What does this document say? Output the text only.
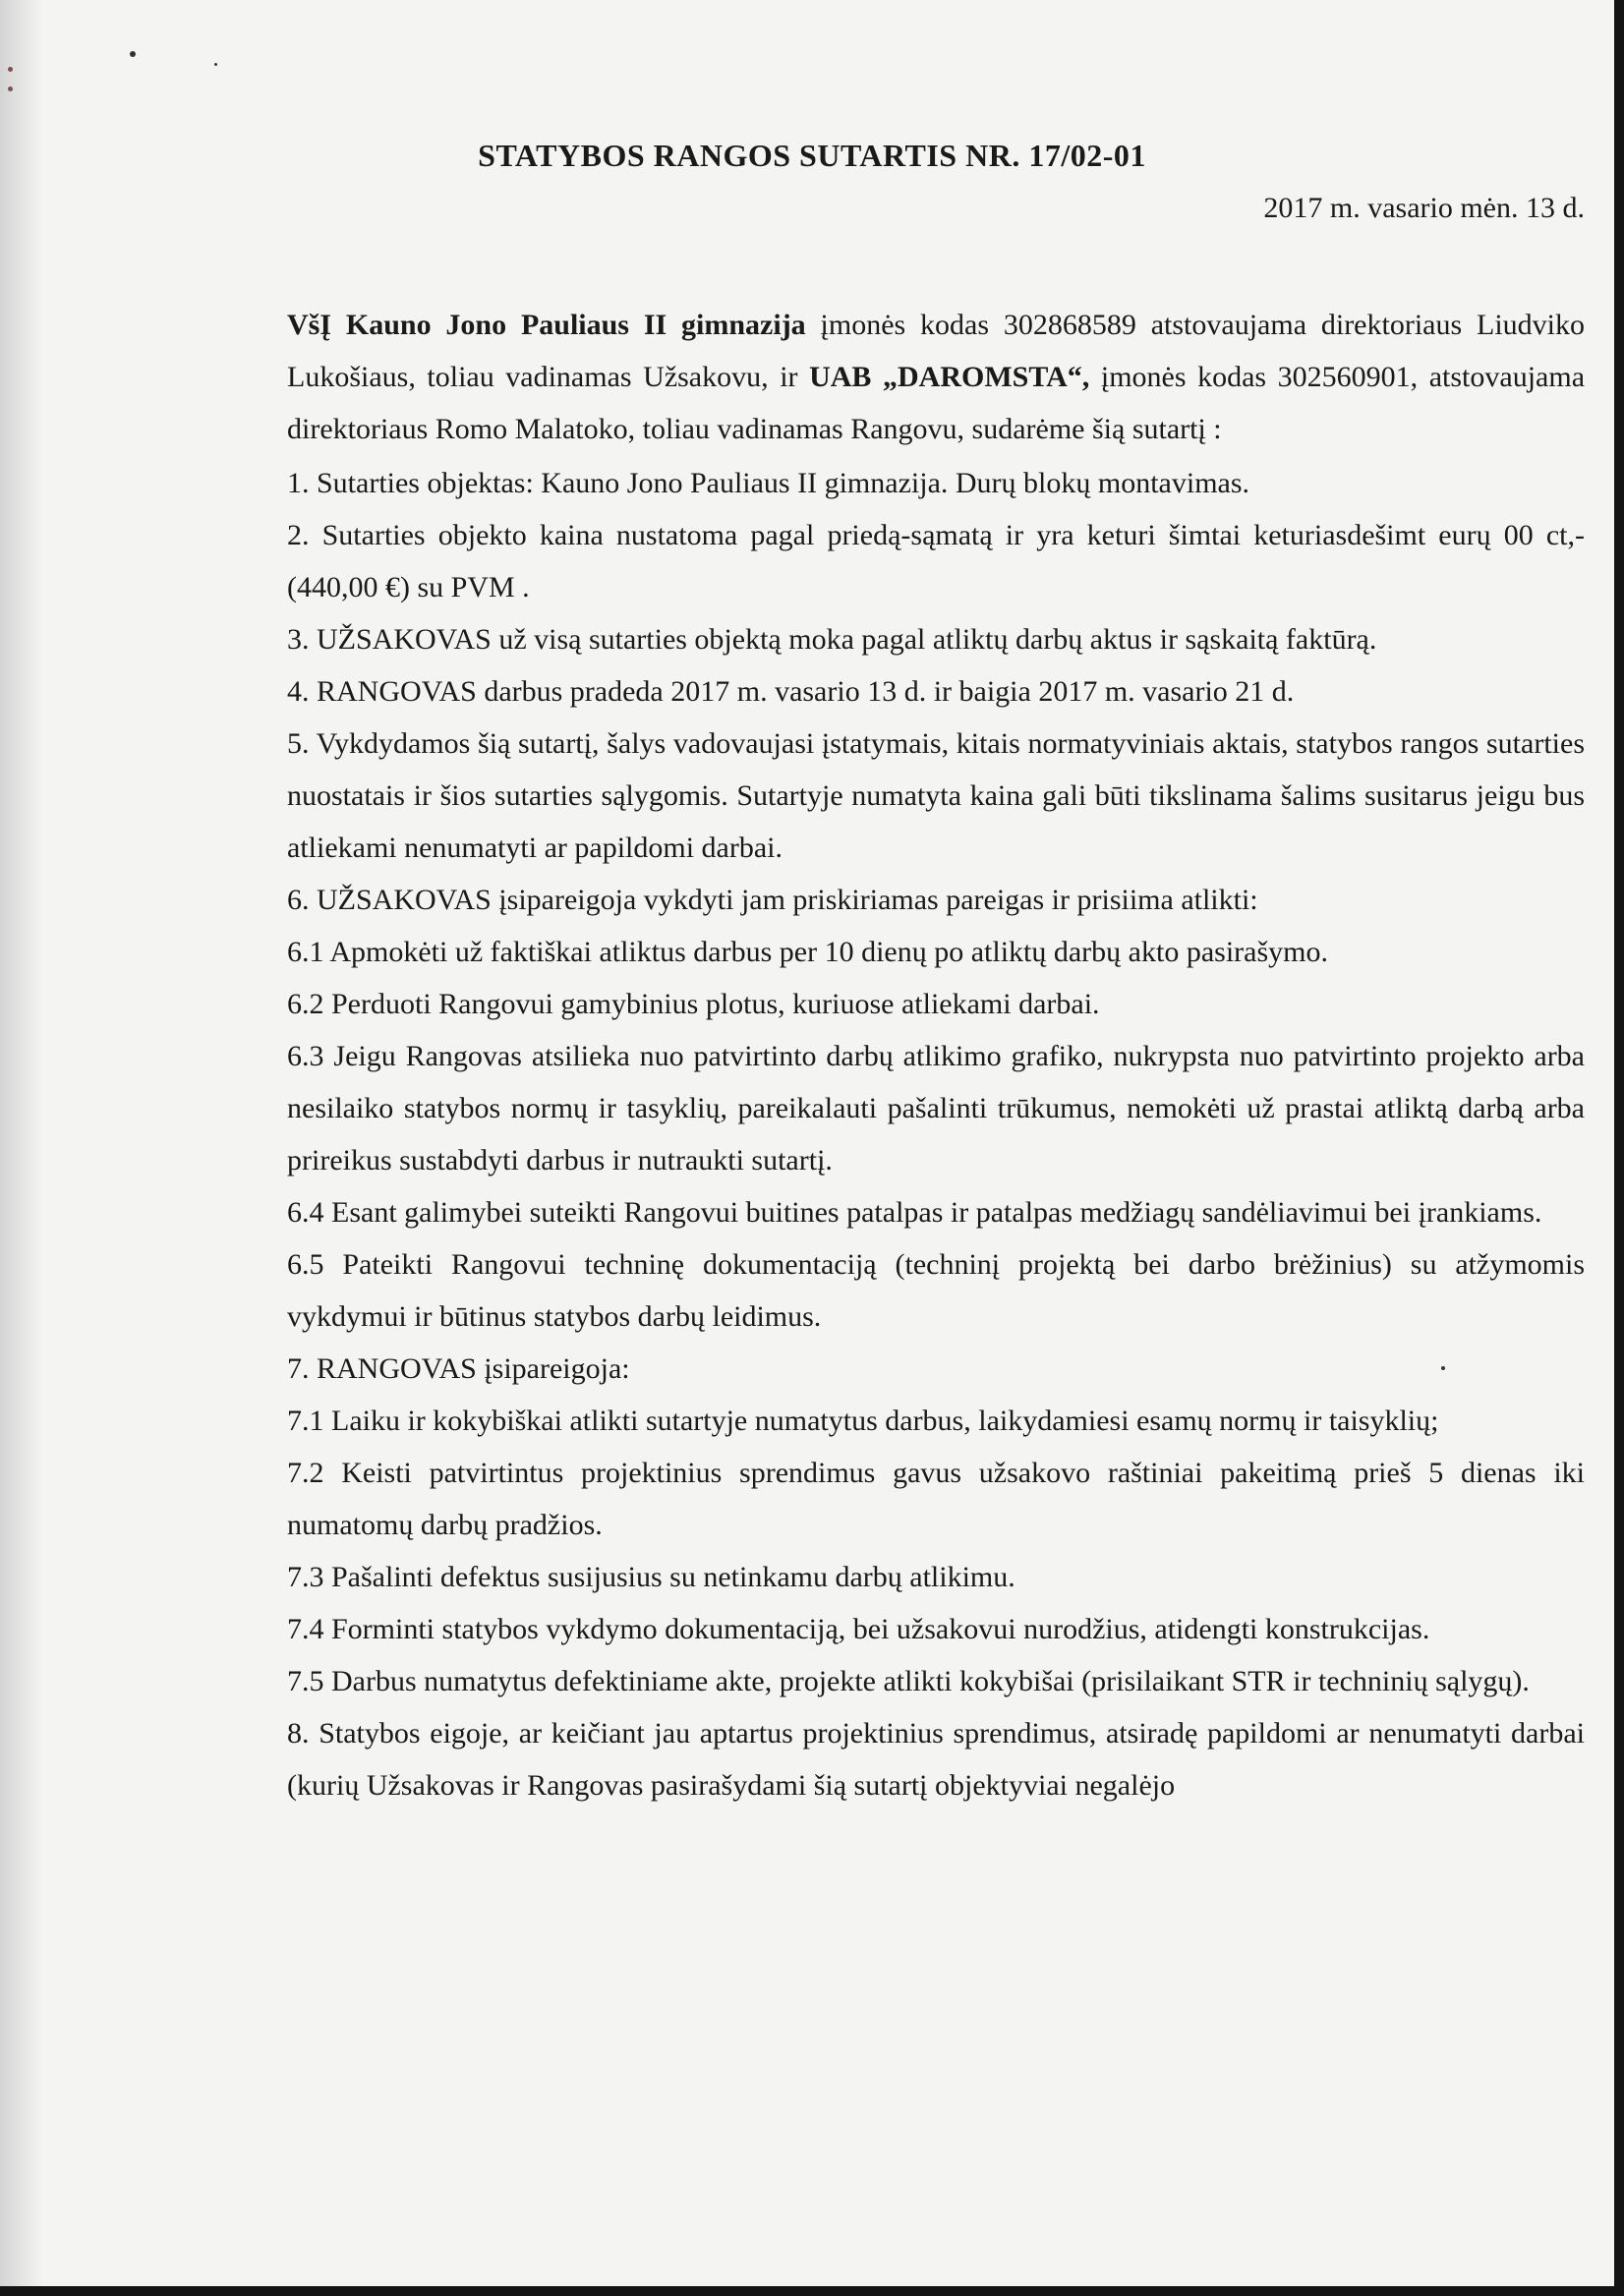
STATYBOS RANGOS SUTARTIS NR. 17/02-01
2017 m. vasario mėn. 13 d.

VšĮ Kauno Jono Pauliaus II gimnazija įmonės kodas 302868589 atstovaujama direktoriaus Liudviko Lukošiaus, toliau vadinamas Užsakovu, ir UAB „DAROMSTA“, įmonės kodas 302560901, atstovaujama direktoriaus Romo Malatoko, toliau vadinamas Rangovu, sudarėme šią sutartį :

1. Sutarties objektas: Kauno Jono Pauliaus II gimnazija. Durų blokų montavimas.

2. Sutarties objekto kaina nustatoma pagal priedą-sąmatą ir yra keturi šimtai keturiasdešimt eurų 00 ct,- (440,00 €) su PVM .

3. UŽSAKOVAS už visą sutarties objektą moka pagal atliktų darbų aktus ir sąskaitą faktūrą.

4. RANGOVAS darbus pradeda 2017 m. vasario 13 d. ir baigia 2017 m. vasario 21 d.

5. Vykdydamos šią sutartį, šalys vadovaujasi įstatymais, kitais normatyviniais aktais, statybos rangos sutarties nuostatais ir šios sutarties sąlygomis. Sutartyje numatyta kaina gali būti tikslinama šalims susitarus jeigu bus atliekami nenumatyti ar papildomi darbai.

6. UŽSAKOVAS įsipareigoja vykdyti jam priskiriamas pareigas ir prisiima atlikti:

6.1 Apmokėti už faktiškai atliktus darbus per 10 dienų po atliktų darbų akto pasirašymo.

6.2 Perduoti Rangovui gamybinius plotus, kuriuose atliekami darbai.

6.3 Jeigu Rangovas atsilieka nuo patvirtinto darbų atlikimo grafiko, nukrypsta nuo patvirtinto projekto arba nesilaiko statybos normų ir tasyklių, pareikalauti pašalinti trūkumus, nemokėti už prastai atliktą darbą arba prireikus sustabdyti darbus ir nutraukti sutartį.

6.4 Esant galimybei suteikti Rangovui buitines patalpas ir patalpas medžiagų sandėliavimui bei įrankiams.

6.5 Pateikti Rangovui techninę dokumentaciją (techninį projektą bei darbo brėžinius) su atžymomis vykdymui ir būtinus statybos darbų leidimus.

7. RANGOVAS įsipareigoja:

7.1 Laiku ir kokybiškai atlikti sutartyje numatytus darbus, laikydamiesi esamų normų ir taisyklių;

7.2 Keisti patvirtintus projektinius sprendimus gavus užsakovo raštiniai pakeitimą prieš 5 dienas iki numatomų darbų pradžios.

7.3 Pašalinti defektus susijusius su netinkamu darbų atlikimu.

7.4 Forminti statybos vykdymo dokumentaciją, bei užsakovui nurodžius, atidengti konstrukcijas.

7.5 Darbus numatytus defektiniame akte, projekte atlikti kokybišai (prisilaikant STR ir techninių sąlygų).

8. Statybos eigoje, ar keičiant jau aptartus projektinius sprendimus, atsiradę papildomi ar nenumatyti darbai (kurių Užsakovas ir Rangovas pasirašydami šią sutartį objektyviai negalėjo
